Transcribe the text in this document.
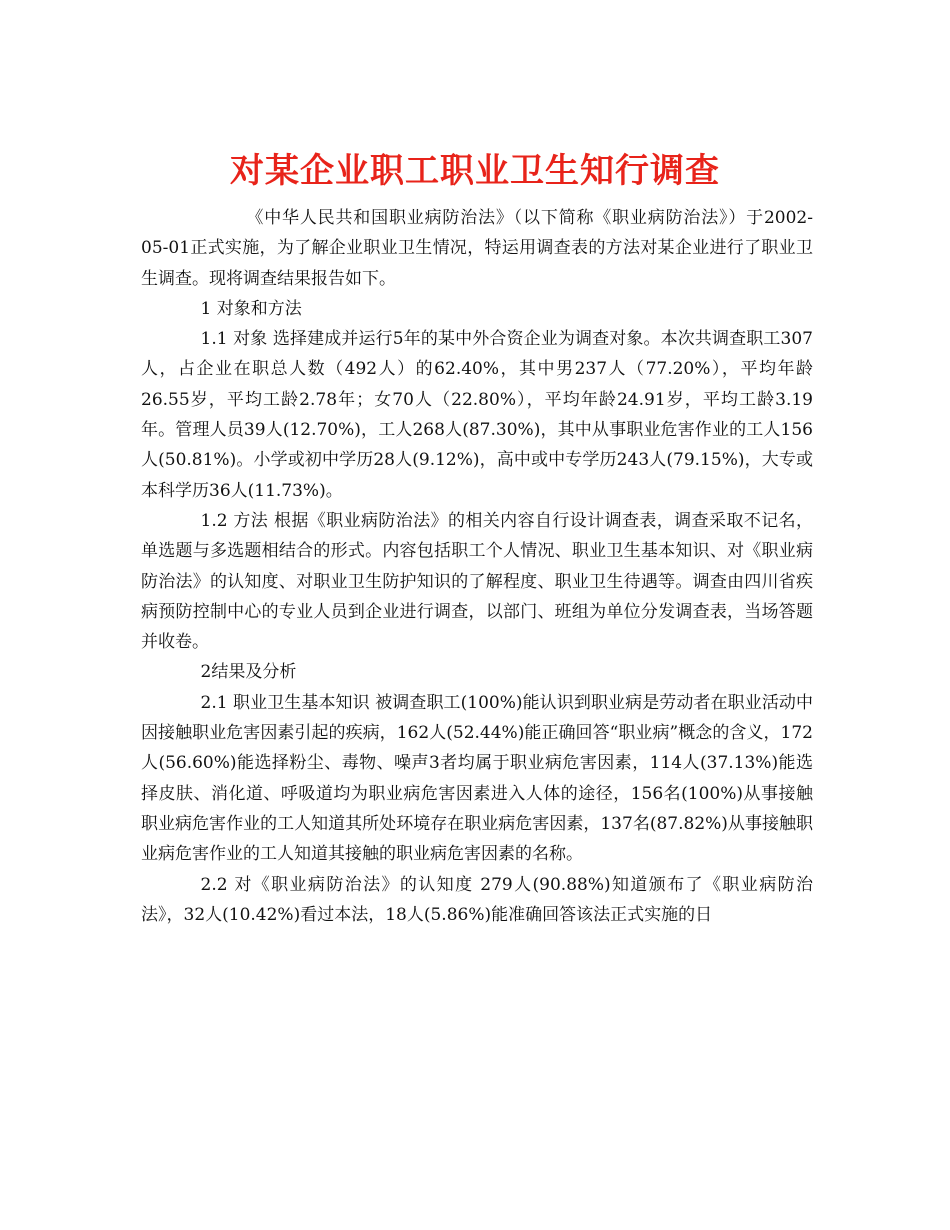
对某企业职工职业卫生知行调查

《中华人民共和国职业病防治法》（以下简称《职业病防治法》）于2002-05-01正式实施，为了解企业职业卫生情况，特运用调查表的方法对某企业进行了职业卫生调查。现将调查结果报告如下。

1 对象和方法

1.1 对象 选择建成并运行5年的某中外合资企业为调查对象。本次共调查职工307人，占企业在职总人数（492人）的62.40%，其中男237人（77.20%），平均年龄26.55岁，平均工龄2.78年；女70人（22.80%），平均年龄24.91岁，平均工龄3.19年。管理人员39人(12.70%)，工人268人(87.30%)，其中从事职业危害作业的工人156人(50.81%)。小学或初中学历28人(9.12%)，高中或中专学历243人(79.15%)，大专或本科学历36人(11.73%)。

1.2 方法 根据《职业病防治法》的相关内容自行设计调查表，调查采取不记名，单选题与多选题相结合的形式。内容包括职工个人情况、职业卫生基本知识、对《职业病防治法》的认知度、对职业卫生防护知识的了解程度、职业卫生待遇等。调查由四川省疾病预防控制中心的专业人员到企业进行调查，以部门、班组为单位分发调查表，当场答题并收卷。

2结果及分析

2.1 职业卫生基本知识 被调查职工(100%)能认识到职业病是劳动者在职业活动中因接触职业危害因素引起的疾病，162人(52.44%)能正确回答“职业病”概念的含义，172人(56.60%)能选择粉尘、毒物、噪声3者均属于职业病危害因素，114人(37.13%)能选择皮肤、消化道、呼吸道均为职业病危害因素进入人体的途径，156名(100%)从事接触职业病危害作业的工人知道其所处环境存在职业病危害因素，137名(87.82%)从事接触职业病危害作业的工人知道其接触的职业病危害因素的名称。

2.2 对《职业病防治法》的认知度 279人(90.88%)知道颁布了《职业病防治法》，32人(10.42%)看过本法，18人(5.86%)能准确回答该法正式实施的日
